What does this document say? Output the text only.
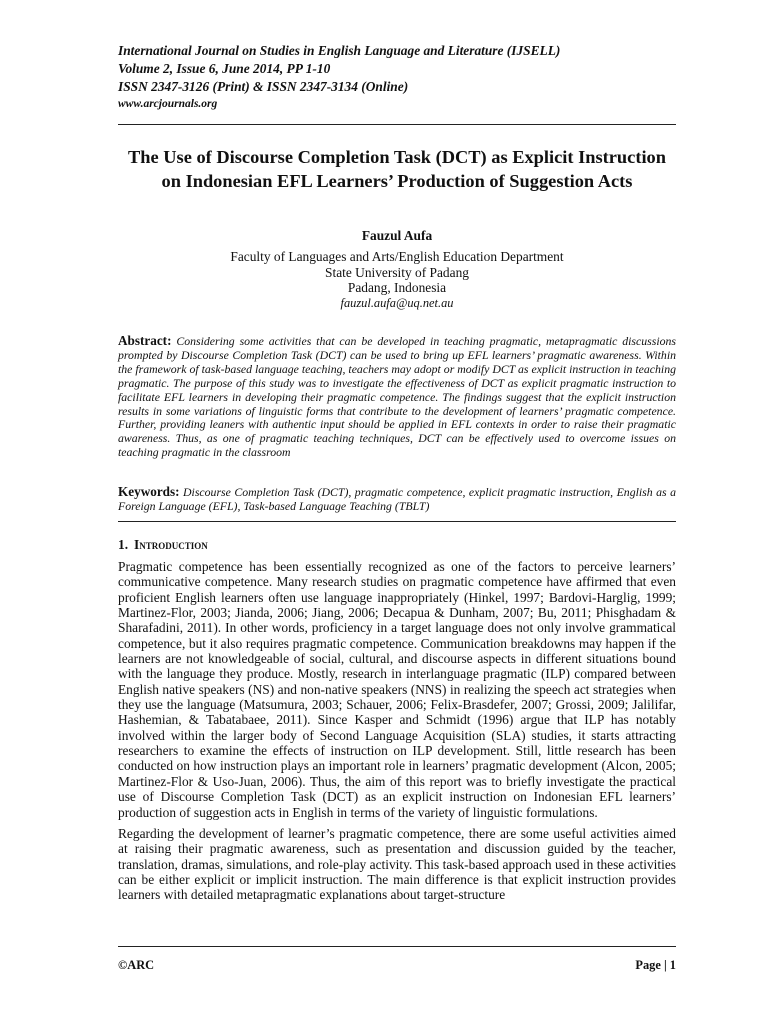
International Journal on Studies in English Language and Literature (IJSELL)
Volume 2, Issue 6, June 2014, PP 1-10
ISSN 2347-3126 (Print) & ISSN 2347-3134 (Online)
www.arcjournals.org
The Use of Discourse Completion Task (DCT) as Explicit Instruction on Indonesian EFL Learners’ Production of Suggestion Acts
Fauzul Aufa
Faculty of Languages and Arts/English Education Department
State University of Padang
Padang, Indonesia
fauzul.aufa@uq.net.au
Abstract: Considering some activities that can be developed in teaching pragmatic, metapragmatic discussions prompted by Discourse Completion Task (DCT) can be used to bring up EFL learners’ pragmatic awareness. Within the framework of task-based language teaching, teachers may adopt or modify DCT as explicit instruction in teaching pragmatic. The purpose of this study was to investigate the effectiveness of DCT as explicit pragmatic instruction to facilitate EFL learners in developing their pragmatic competence. The findings suggest that the explicit instruction results in some variations of linguistic forms that contribute to the development of learners’ pragmatic competence. Further, providing leaners with authentic input should be applied in EFL contexts in order to raise their pragmatic awareness. Thus, as one of pragmatic teaching techniques, DCT can be effectively used to overcome issues on teaching pragmatic in the classroom
Keywords: Discourse Completion Task (DCT), pragmatic competence, explicit pragmatic instruction, English as a Foreign Language (EFL), Task-based Language Teaching (TBLT)
1. Introduction

Pragmatic competence has been essentially recognized as one of the factors to perceive learners’ communicative competence. Many research studies on pragmatic competence have affirmed that even proficient English learners often use language inappropriately (Hinkel, 1997; Bardovi-Harglig, 1999; Martinez-Flor, 2003; Jianda, 2006; Jiang, 2006; Decapua & Dunham, 2007; Bu, 2011; Phisghadam & Sharafadini, 2011). In other words, proficiency in a target language does not only involve grammatical competence, but it also requires pragmatic competence. Communication breakdowns may happen if the learners are not knowledgeable of social, cultural, and discourse aspects in different situations bound with the language they produce. Mostly, research in interlanguage pragmatic (ILP) compared between English native speakers (NS) and non-native speakers (NNS) in realizing the speech act strategies when they use the language (Matsumura, 2003; Schauer, 2006; Felix-Brasdefer, 2007; Grossi, 2009; Jalilifar, Hashemian, & Tabatabaee, 2011). Since Kasper and Schmidt (1996) argue that ILP has notably involved within the larger body of Second Language Acquisition (SLA) studies, it starts attracting researchers to examine the effects of instruction on ILP development. Still, little research has been conducted on how instruction plays an important role in learners’ pragmatic development (Alcon, 2005; Martinez-Flor & Uso-Juan, 2006). Thus, the aim of this report was to briefly investigate the practical use of Discourse Completion Task (DCT) as an explicit instruction on Indonesian EFL learners’ production of suggestion acts in English in terms of the variety of linguistic formulations.

Regarding the development of learner’s pragmatic competence, there are some useful activities aimed at raising their pragmatic awareness, such as presentation and discussion guided by the teacher, translation, dramas, simulations, and role-play activity. This task-based approach used in these activities can be either explicit or implicit instruction. The main difference is that explicit instruction provides learners with detailed metapragmatic explanations about target-structure

©ARC	Page | 1
